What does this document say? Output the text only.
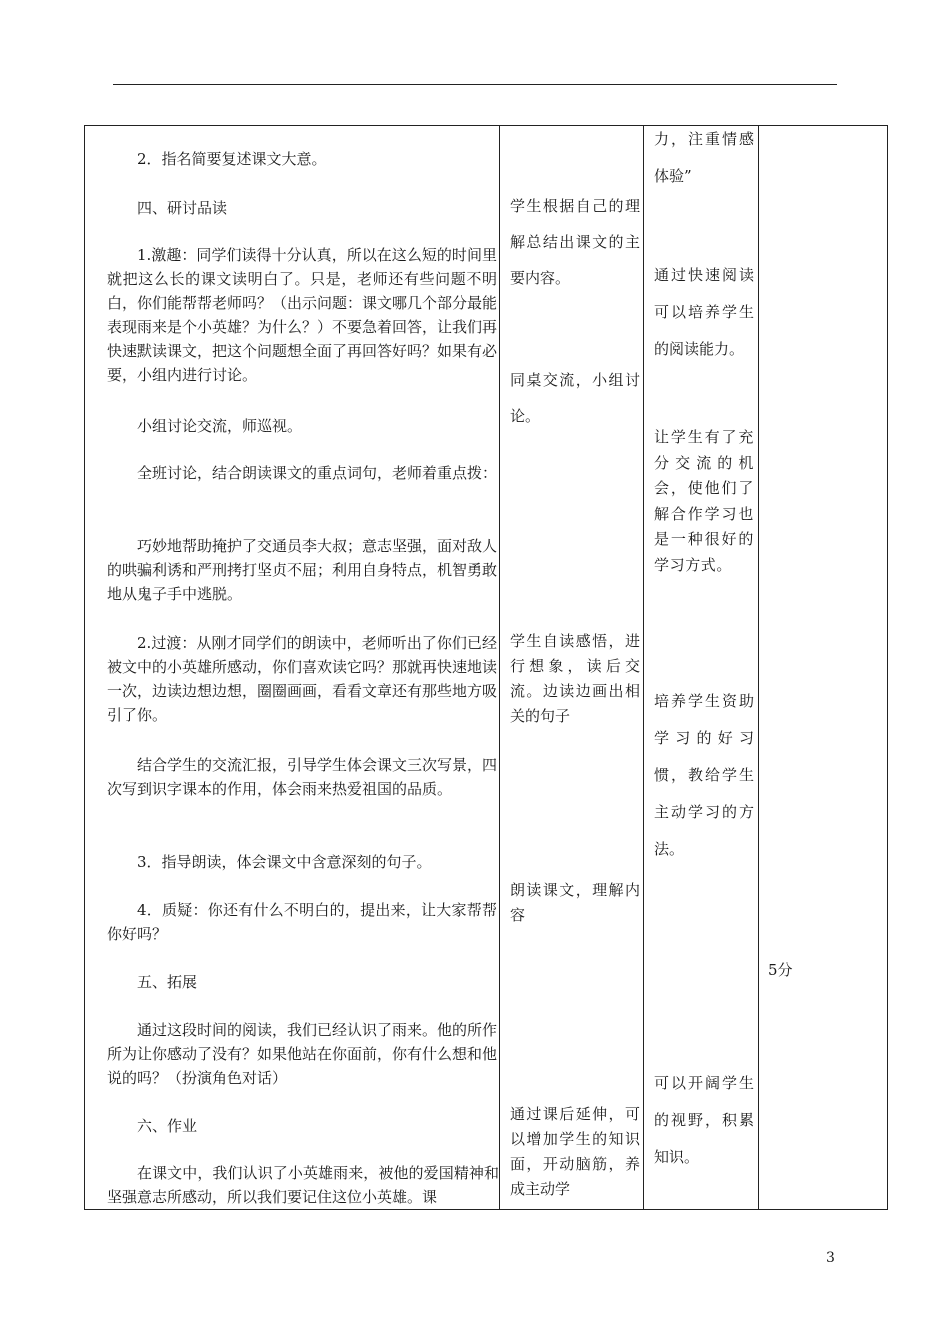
2．指名简要复述课文大意。

四、研讨品读

1.激趣：同学们读得十分认真，所以在这么短的时间里就把这么长的课文读明白了。只是，老师还有些问题不明白，你们能帮帮老师吗？（出示问题：课文哪几个部分最能表现雨来是个小英雄？为什么？）不要急着回答，让我们再快速默读课文，把这个问题想全面了再回答好吗？如果有必要，小组内进行讨论。

小组讨论交流，师巡视。

全班讨论，结合朗读课文的重点词句，老师着重点拨：

巧妙地帮助掩护了交通员李大叔；意志坚强，面对敌人的哄骗利诱和严刑拷打坚贞不屈；利用自身特点，机智勇敢地从鬼子手中逃脱。

2.过渡：从刚才同学们的朗读中，老师听出了你们已经被文中的小英雄所感动，你们喜欢读它吗？那就再快速地读一次，边读边想边想，圈圈画画，看看文章还有那些地方吸引了你。

结合学生的交流汇报，引导学生体会课文三次写景，四次写到识字课本的作用，体会雨来热爱祖国的品质。

3．指导朗读，体会课文中含意深刻的句子。

4．质疑：你还有什么不明白的，提出来，让大家帮帮你好吗？

五、拓展

通过这段时间的阅读，我们已经认识了雨来。他的所作所为让你感动了没有？如果他站在你面前，你有什么想和他说的吗？（扮演角色对话）

六、作业

在课文中，我们认识了小英雄雨来，被他的爱国精神和坚强意志所感动，所以我们要记住这位小英雄。课

学生根据自己的理解总结出课文的主要内容。

同桌交流，小组讨论。

学生自读感悟，进行想象，读后交流。边读边画出相关的句子

朗读课文，理解内容

通过课后延伸，可以增加学生的知识面，开动脑筋，养成主动学

力，注重情感体验”

通过快速阅读可以培养学生的阅读能力。

让学生有了充分交流的机会，使他们了解合作学习也是一种很好的学习方式。

培养学生资助学习的好习惯，教给学生主动学习的方法。

可以开阔学生的视野，积累知识。

5分

3
